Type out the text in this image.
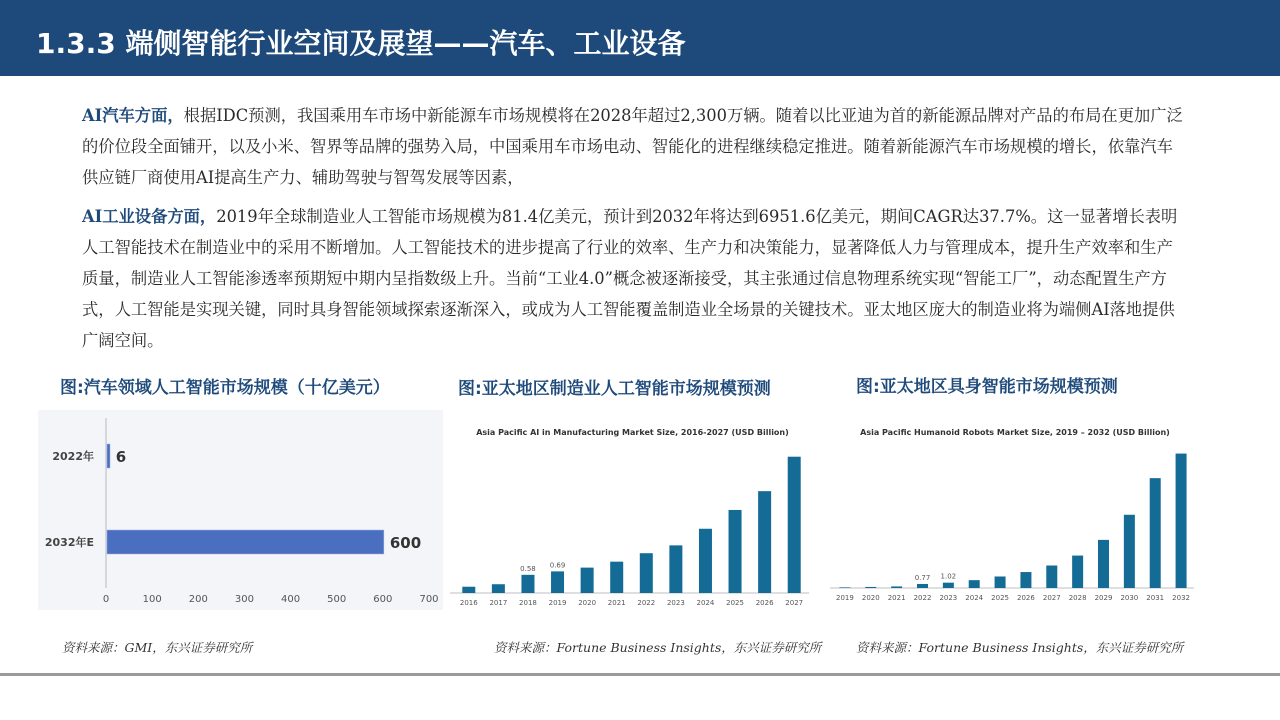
1.3.3 端侧智能行业空间及展望——汽车、工业设备

AI汽车方面，根据IDC预测，我国乘用车市场中新能源车市场规模将在2028年超过2,300万辆。随着以比亚迪为首的新能源品牌对产品的布局在更加广泛的价位段全面铺开，以及小米、智界等品牌的强势入局，中国乘用车市场电动、智能化的进程继续稳定推进。随着新能源汽车市场规模的增长，依靠汽车供应链厂商使用AI提高生产力、辅助驾驶与智驾发展等因素，

AI工业设备方面，2019年全球制造业人工智能市场规模为81.4亿美元，预计到2032年将达到6951.6亿美元，期间CAGR达37.7%。这一显著增长表明人工智能技术在制造业中的采用不断增加。人工智能技术的进步提高了行业的效率、生产力和决策能力，显著降低人力与管理成本，提升生产效率和生产质量，制造业人工智能渗透率预期短中期内呈指数级上升。当前“工业4.0”概念被逐渐接受，其主张通过信息物理系统实现“智能工厂”，动态配置生产方式，人工智能是实现关键，同时具身智能领域探索逐渐深入，或成为人工智能覆盖制造业全场景的关键技术。亚太地区庞大的制造业将为端侧AI落地提供广阔空间。

图:汽车领域人工智能市场规模（十亿美元）	图:亚太地区制造业人工智能市场规模预测	图:亚太地区具身智能市场规模预测
2022年 6
2032年E	600
0	100	200	300	400	500	600	700
Asia Pacific AI in Manufacturing Market Size, 2016-2027 (USD Billion)
2016 2017 2018
0.58
2019
0.69
2020 2021 2022 2023 2024 2025 2026 2027
Asia Pacific Humanoid Robots Market Size, 2019 – 2032 (USD Billion)
2019 2020 2021 2022
0.77
2023
1.02
2024 2025 2026 2027 2028 2029 2030 2031 2032
资料来源：GMI，东兴证券研究所	资料来源：Fortune Business Insights，东兴证券研究所	资料来源：Fortune Business Insights，东兴证券研究所
